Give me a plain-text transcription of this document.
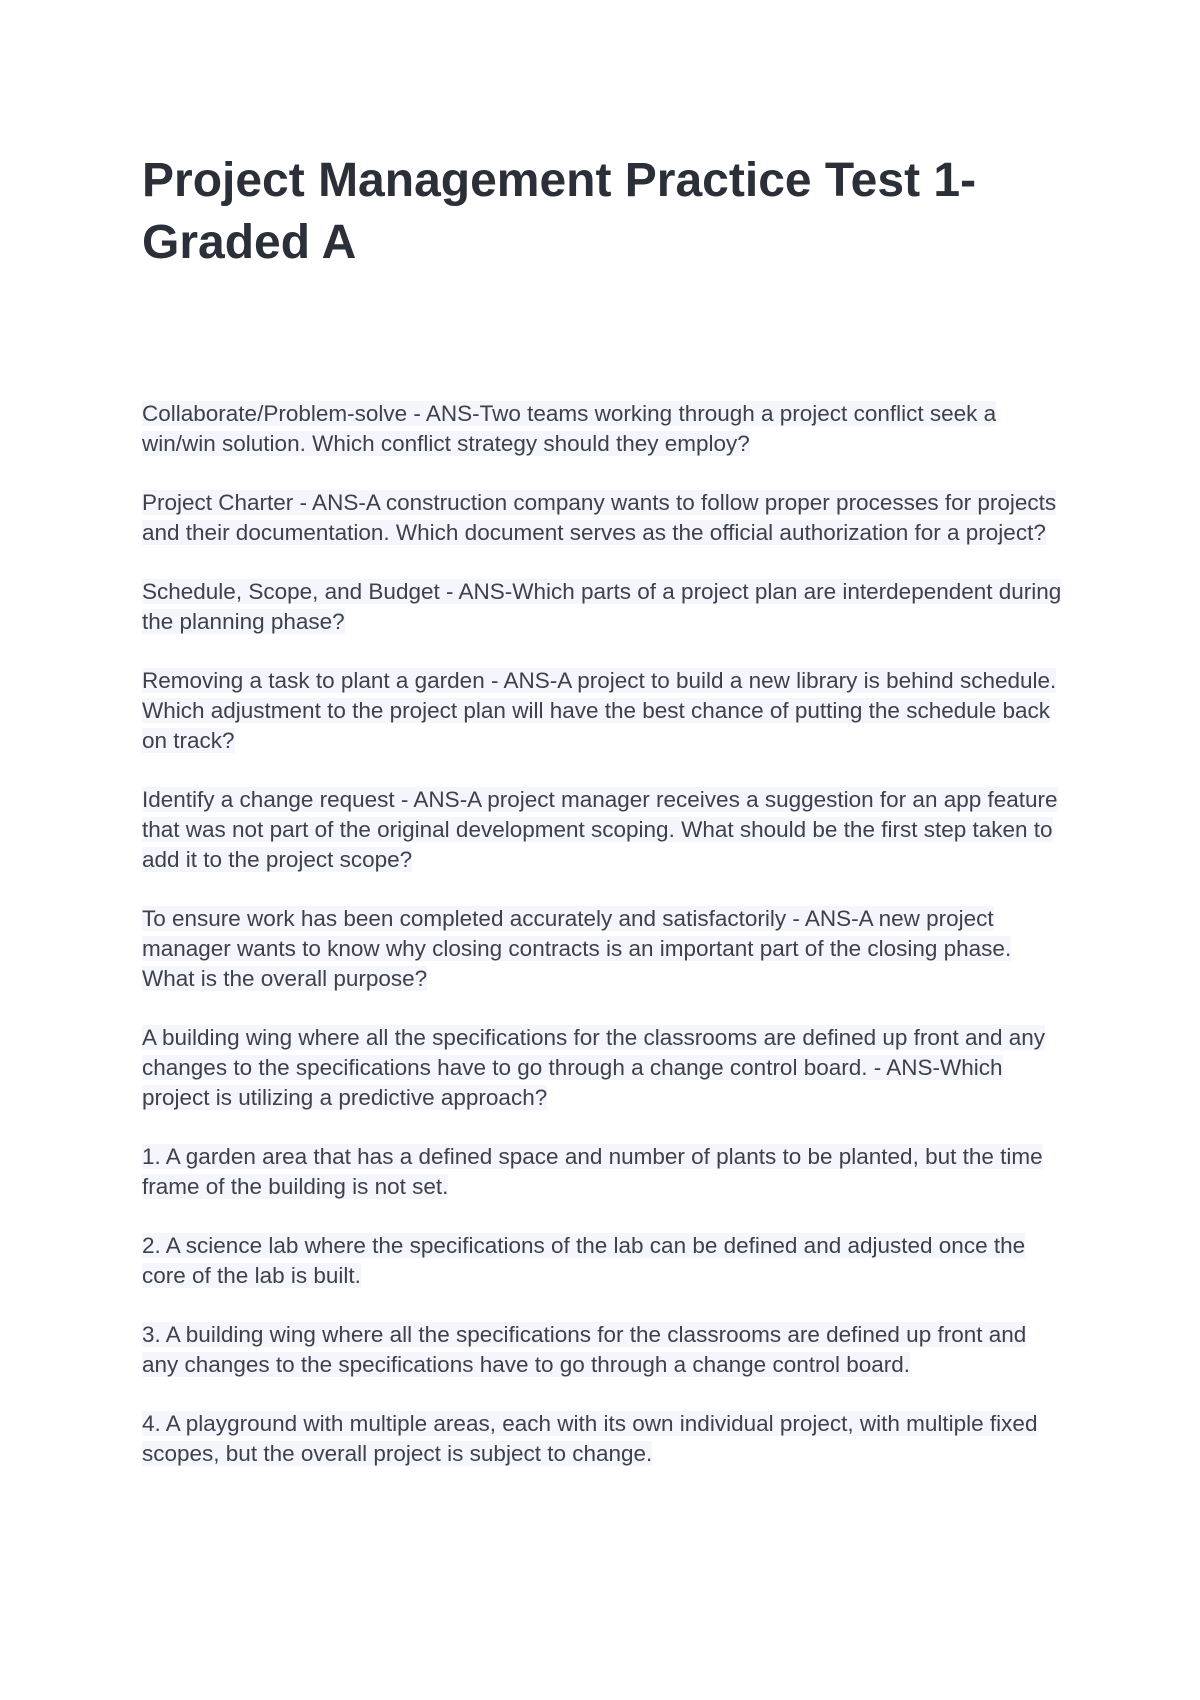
Project Management Practice Test 1- Graded A

Collaborate/Problem-solve - ANS-Two teams working through a project conflict seek a win/win solution. Which conflict strategy should they employ?

Project Charter - ANS-A construction company wants to follow proper processes for projects and their documentation. Which document serves as the official authorization for a project?

Schedule, Scope, and Budget - ANS-Which parts of a project plan are interdependent during the planning phase?

Removing a task to plant a garden - ANS-A project to build a new library is behind schedule. Which adjustment to the project plan will have the best chance of putting the schedule back on track?

Identify a change request - ANS-A project manager receives a suggestion for an app feature that was not part of the original development scoping. What should be the first step taken to add it to the project scope?

To ensure work has been completed accurately and satisfactorily - ANS-A new project manager wants to know why closing contracts is an important part of the closing phase. What is the overall purpose?

A building wing where all the specifications for the classrooms are defined up front and any changes to the specifications have to go through a change control board. - ANS-Which project is utilizing a predictive approach?

1. A garden area that has a defined space and number of plants to be planted, but the time frame of the building is not set.

2. A science lab where the specifications of the lab can be defined and adjusted once the core of the lab is built.

3. A building wing where all the specifications for the classrooms are defined up front and any changes to the specifications have to go through a change control board.

4. A playground with multiple areas, each with its own individual project, with multiple fixed scopes, but the overall project is subject to change.
